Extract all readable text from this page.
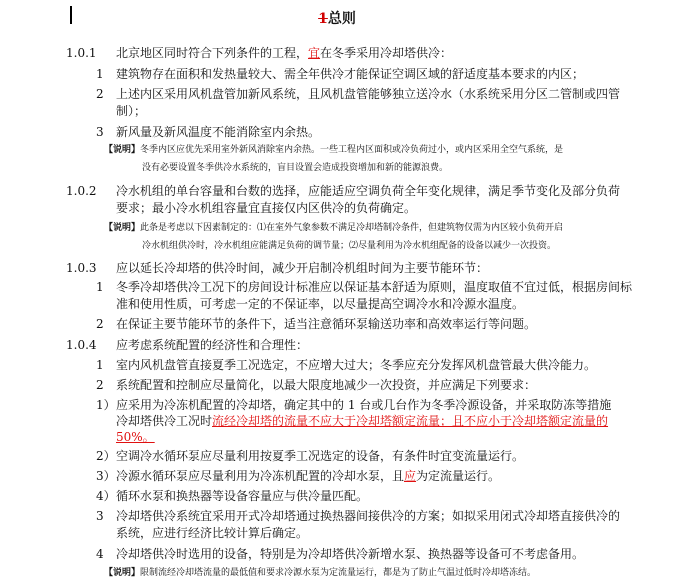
1总则
1.0.1 北京地区同时符合下列条件的工程，宜在冬季采用冷却塔供冷：
1 建筑物存在面积和发热量较大、需全年供冷才能保证空调区域的舒适度基本要求的内区；
2 上述内区采用风机盘管加新风系统，且风机盘管能够独立送冷水（水系统采用分区二管制或四管
制）；
3 新风量及新风温度不能消除室内余热。
【说明】冬季内区应优先采用室外新风消除室内余热。一些工程内区面积或冷负荷过小，或内区采用全空气系统，是
没有必要设置冬季供冷水系统的，盲目设置会造成投资增加和新的能源浪费。
1.0.2 冷水机组的单台容量和台数的选择，应能适应空调负荷全年变化规律，满足季节变化及部分负荷
要求；最小冷水机组容量宜直接仅内区供冷的负荷确定。
【说明】此条是考虑以下因素制定的：⑴在室外气象参数不满足冷却塔制冷条件，但建筑物仅需为内区较小负荷开启
冷水机组供冷时，冷水机组应能满足负荷的调节量；⑵尽量利用为冷水机组配备的设备以减少一次投资。
1.0.3 应以延长冷却塔的供冷时间，减少开启制冷机组时间为主要节能环节：
1 冬季冷却塔供冷工况下的房间设计标准应以保证基本舒适为原则，温度取值不宜过低，根据房间标
准和使用性质，可考虑一定的不保证率，以尽量提高空调冷水和冷源水温度。
2 在保证主要节能环节的条件下，适当注意循环泵输送功率和高效率运行等问题。
1.0.4 应考虑系统配置的经济性和合理性：
1 室内风机盘管直接夏季工况选定，不应增大过大；冬季应充分发挥风机盘管最大供冷能力。
2 系统配置和控制应尽量简化，以最大限度地减少一次投资，并应满足下列要求：
1） 应采用为冷冻机配置的冷却塔，确定其中的 1 台或几台作为冬季冷源设备，并采取防冻等措施
冷却塔供冷工况时流经冷却塔的流量不应大于冷却塔额定流量；且不应小于冷却塔额定流量的
50%。
2） 空调冷水循环泵应尽量利用按夏季工况选定的设备，有条件时宜变流量运行。
3） 冷源水循环泵应尽量利用为冷冻机配置的冷却水泵，且应为定流量运行。
4） 循环水泵和换热器等设备容量应与供冷量匹配。
3 冷却塔供冷系统宜采用开式冷却塔通过换热器间接供冷的方案；如拟采用闭式冷却塔直接供冷的
系统，应进行经济比较计算后确定。
4 冷却塔供冷时选用的设备，特别是为冷却塔供冷新增水泵、换热器等设备可不考虑备用。
【说明】限制流经冷却塔流量的最低值和要求冷源水泵为定流量运行，都是为了防止气温过低时冷却塔冻结。
